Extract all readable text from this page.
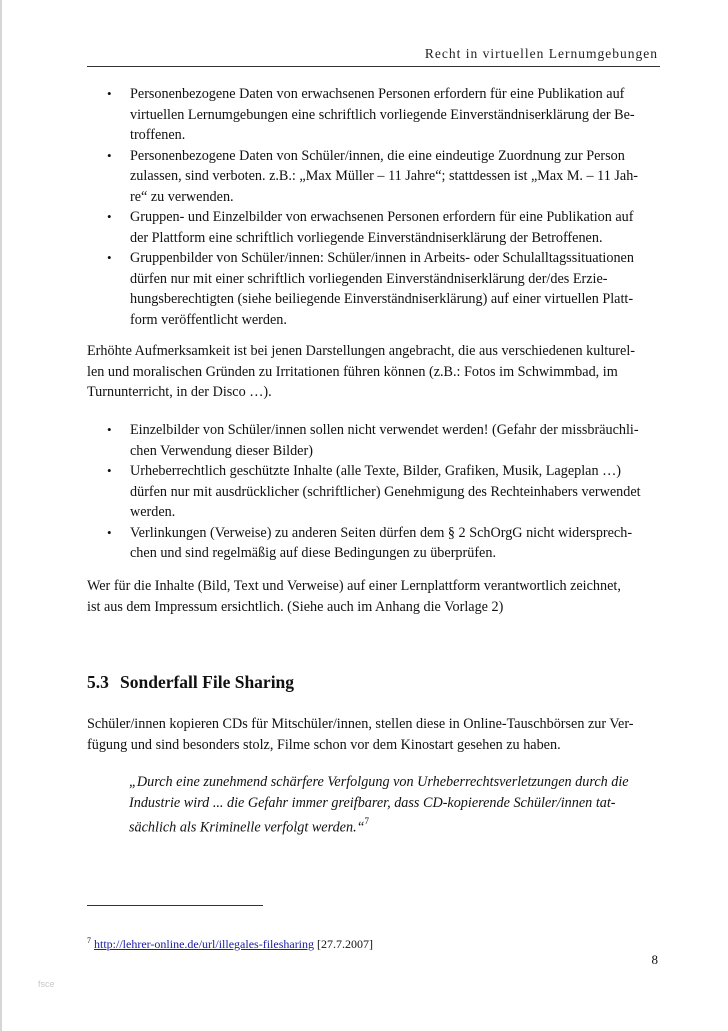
Recht in virtuellen Lernumgebungen
• Personenbezogene Daten von erwachsenen Personen erfordern für eine Publikation auf
virtuellen Lernumgebungen eine schriftlich vorliegende Einverständniserklärung der Be-
troffenen.
• Personenbezogene Daten von Schüler/innen, die eine eindeutige Zuordnung zur Person
zulassen, sind verboten. z.B.: „Max Müller – 11 Jahre“; stattdessen ist „Max M. – 11 Jah-
re“ zu verwenden.
• Gruppen- und Einzelbilder von erwachsenen Personen erfordern für eine Publikation auf
der Plattform eine schriftlich vorliegende Einverständniserklärung der Betroffenen.
• Gruppenbilder von Schüler/innen: Schüler/innen in Arbeits- oder Schulalltagssituationen
dürfen nur mit einer schriftlich vorliegenden Einverständniserklärung der/des Erzie-
hungsberechtigten (siehe beiliegende Einverständniserklärung) auf einer virtuellen Platt-
form veröffentlicht werden.

Erhöhte Aufmerksamkeit ist bei jenen Darstellungen angebracht, die aus verschiedenen kulturel-

len und moralischen Gründen zu Irritationen führen können (z.B.: Fotos im Schwimmbad, im

Turnunterricht, in der Disco …).

• Einzelbilder von Schüler/innen sollen nicht verwendet werden! (Gefahr der missbräuchli-
chen Verwendung dieser Bilder)
• Urheberrechtlich geschützte Inhalte (alle Texte, Bilder, Grafiken, Musik, Lageplan …)
dürfen nur mit ausdrücklicher (schriftlicher) Genehmigung des Rechteinhabers verwendet
werden.
• Verlinkungen (Verweise) zu anderen Seiten dürfen dem § 2 SchOrgG nicht widersprech-
chen und sind regelmäßig auf diese Bedingungen zu überprüfen.

Wer für die Inhalte (Bild, Text und Verweise) auf einer Lernplattform verantwortlich zeichnet,

ist aus dem Impressum ersichtlich. (Siehe auch im Anhang die Vorlage 2)

5.3 Sonderfall File Sharing

Schüler/innen kopieren CDs für Mitschüler/innen, stellen diese in Online-Tauschbörsen zur Ver-

fügung und sind besonders stolz, Filme schon vor dem Kinostart gesehen zu haben.

„Durch eine zunehmend schärfere Verfolgung von Urheberrechtsverletzungen durch die
Industrie wird ... die Gefahr immer greifbarer, dass CD-kopierende Schüler/innen tat-
sächlich als Kriminelle verfolgt werden.“$^7$
$^7$ http://lehrer-online.de/url/illegales-filesharing [27.7.2007]
8
fsce
